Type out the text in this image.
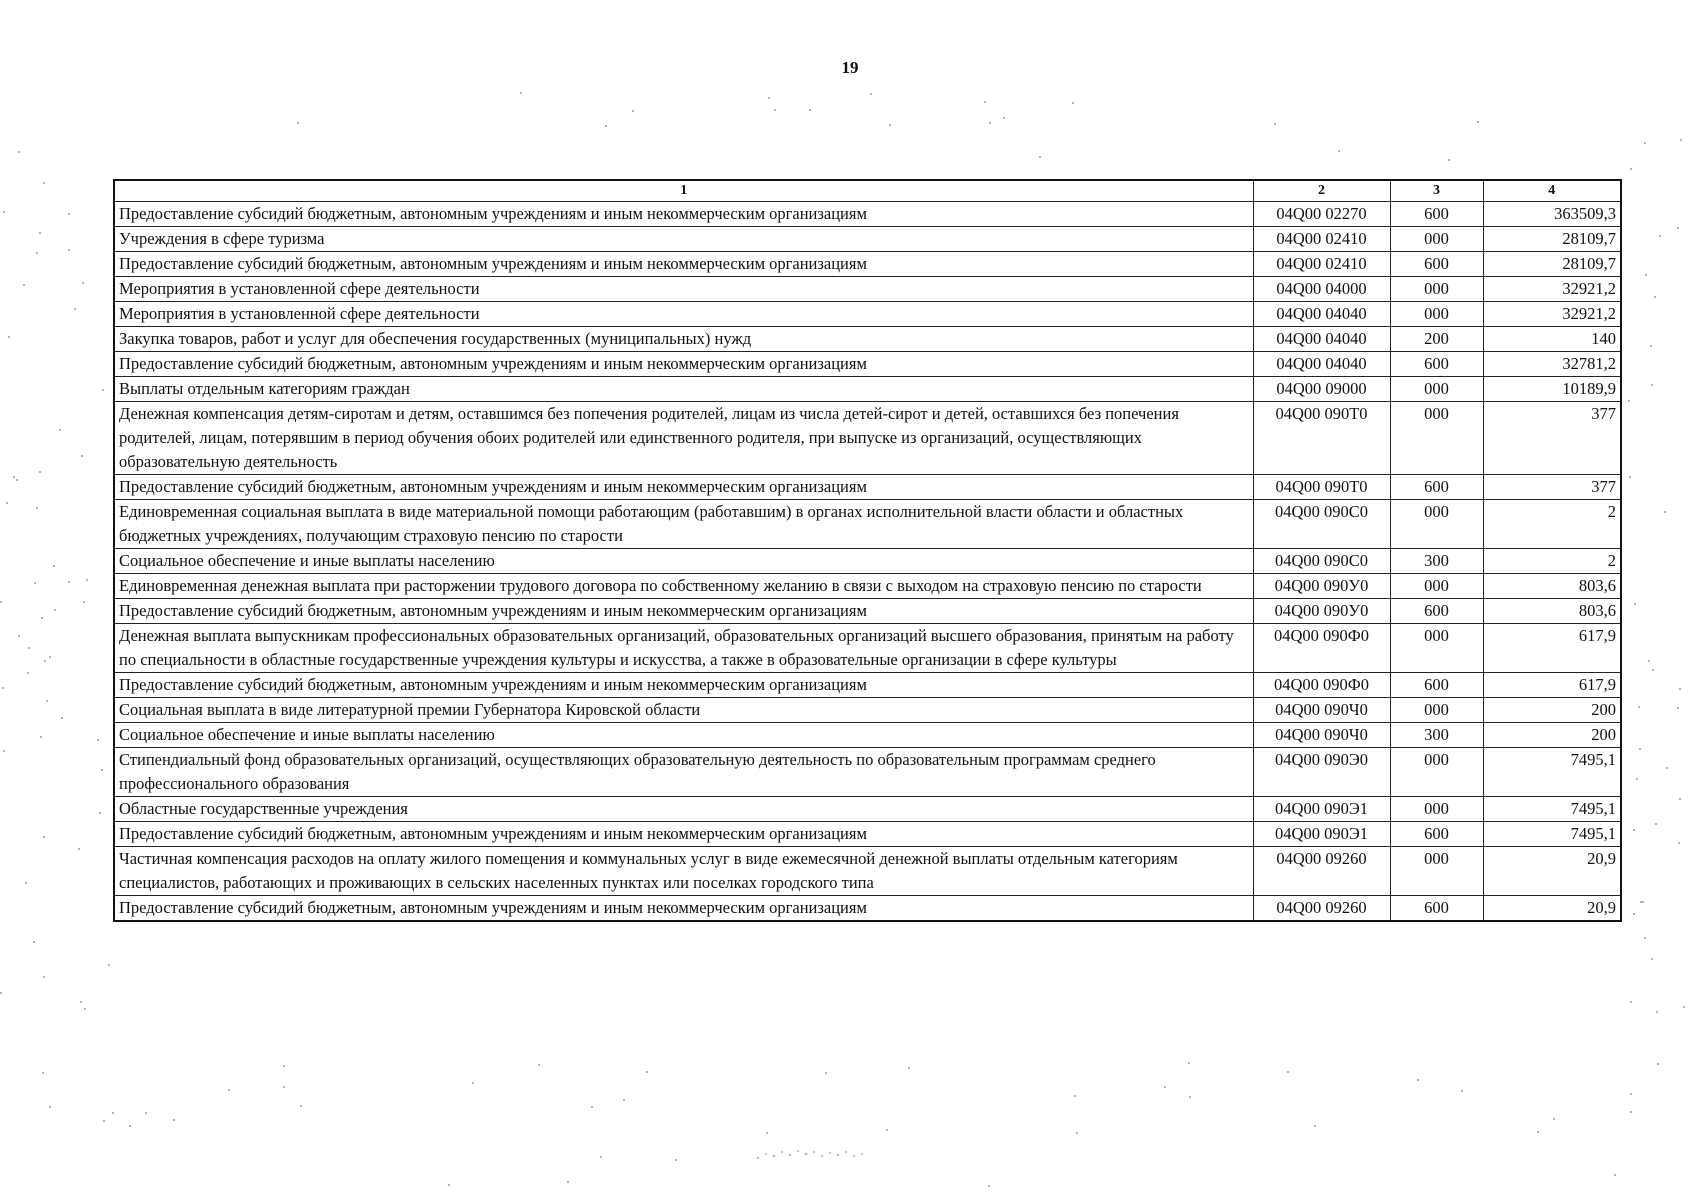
19
1	2	3	4
Предоставление субсидий бюджетным, автономным учреждениям и иным некоммерческим организациям	04Q00 02270	600	363509,3
Учреждения в сфере туризма	04Q00 02410	000	28109,7
Предоставление субсидий бюджетным, автономным учреждениям и иным некоммерческим организациям	04Q00 02410	600	28109,7
Мероприятия в установленной сфере деятельности	04Q00 04000	000	32921,2
Мероприятия в установленной сфере деятельности	04Q00 04040	000	32921,2
Закупка товаров, работ и услуг для обеспечения государственных (муниципальных) нужд	04Q00 04040	200	140
Предоставление субсидий бюджетным, автономным учреждениям и иным некоммерческим организациям	04Q00 04040	600	32781,2
Выплаты отдельным категориям граждан	04Q00 09000	000	10189,9
Денежная компенсация детям-сиротам и детям, оставшимся без попечения родителей, лицам из числа детей-сирот и детей, оставшихся без попечения родителей, лицам, потерявшим в период обучения обоих родителей или единственного родителя, при выпуске из организаций, осуществляющих образовательную деятельность	04Q00 090Т0	000	377
Предоставление субсидий бюджетным, автономным учреждениям и иным некоммерческим организациям	04Q00 090Т0	600	377
Единовременная социальная выплата в виде материальной помощи работающим (работавшим) в органах исполнительной власти области и областных бюджетных учреждениях, получающим страховую пенсию по старости	04Q00 090С0	000	2
Социальное обеспечение и иные выплаты населению	04Q00 090С0	300	2
Единовременная денежная выплата при расторжении трудового договора по собственному желанию в связи с выходом на страховую пенсию по старости	04Q00 090У0	000	803,6
Предоставление субсидий бюджетным, автономным учреждениям и иным некоммерческим организациям	04Q00 090У0	600	803,6
Денежная выплата выпускникам профессиональных образовательных организаций, образовательных организаций высшего образования, принятым на работу по специальности в областные государственные учреждения культуры и искусства, а также в образовательные организации в сфере культуры	04Q00 090Ф0	000	617,9
Предоставление субсидий бюджетным, автономным учреждениям и иным некоммерческим организациям	04Q00 090Ф0	600	617,9
Социальная выплата в виде литературной премии Губернатора Кировской области	04Q00 090Ч0	000	200
Социальное обеспечение и иные выплаты населению	04Q00 090Ч0	300	200
Стипендиальный фонд образовательных организаций, осуществляющих образовательную деятельность по образовательным программам среднего профессионального образования	04Q00 090Э0	000	7495,1
Областные государственные учреждения	04Q00 090Э1	000	7495,1
Предоставление субсидий бюджетным, автономным учреждениям и иным некоммерческим организациям	04Q00 090Э1	600	7495,1
Частичная компенсация расходов на оплату жилого помещения и коммунальных услуг в виде ежемесячной денежной выплаты отдельным категориям специалистов, работающих и проживающих в сельских населенных пунктах или поселках городского типа	04Q00 09260	000	20,9
Предоставление субсидий бюджетным, автономным учреждениям и иным некоммерческим организациям	04Q00 09260	600	20,9
